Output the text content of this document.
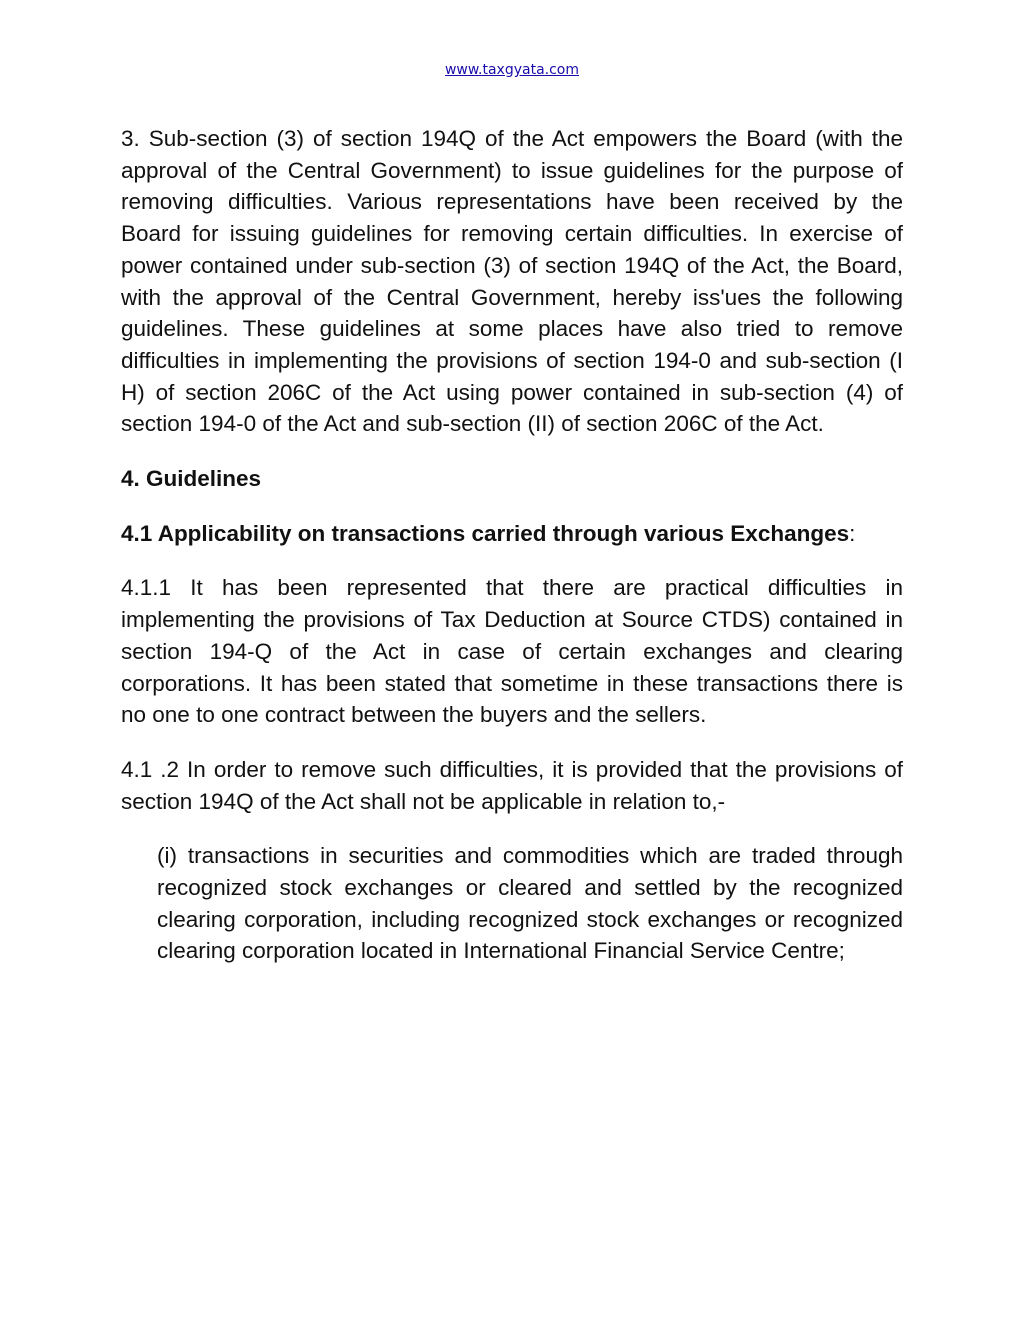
www.taxgyata.com

3. Sub-section (3) of section 194Q of the Act empowers the Board (with the approval of the Central Government) to issue guidelines for the purpose of removing difficulties. Various representations have been received by the Board for issuing guidelines for removing certain difficulties. In exercise of power contained under sub-section (3) of section 194Q of the Act, the Board, with the approval of the Central Government, hereby iss'ues the following guidelines. These guidelines at some places have also tried to remove difficulties in implementing the provisions of section 194-0 and sub-section (I H) of section 206C of the Act using power contained in sub-section (4) of section 194-0 of the Act and sub-section (II) of section 206C of the Act.

4. Guidelines

4.1 Applicability on transactions carried through various Exchanges:

4.1.1 It has been represented that there are practical difficulties in implementing the provisions of Tax Deduction at Source CTDS) contained in section 194-Q of the Act in case of certain exchanges and clearing corporations. It has been stated that sometime in these transactions there is no one to one contract between the buyers and the sellers.

4.1 .2 In order to remove such difficulties, it is provided that the provisions of section 194Q of the Act shall not be applicable in relation to,-

(i) transactions in securities and commodities which are traded through recognized stock exchanges or cleared and settled by the recognized clearing corporation, including recognized stock exchanges or recognized clearing corporation located in International Financial Service Centre;
